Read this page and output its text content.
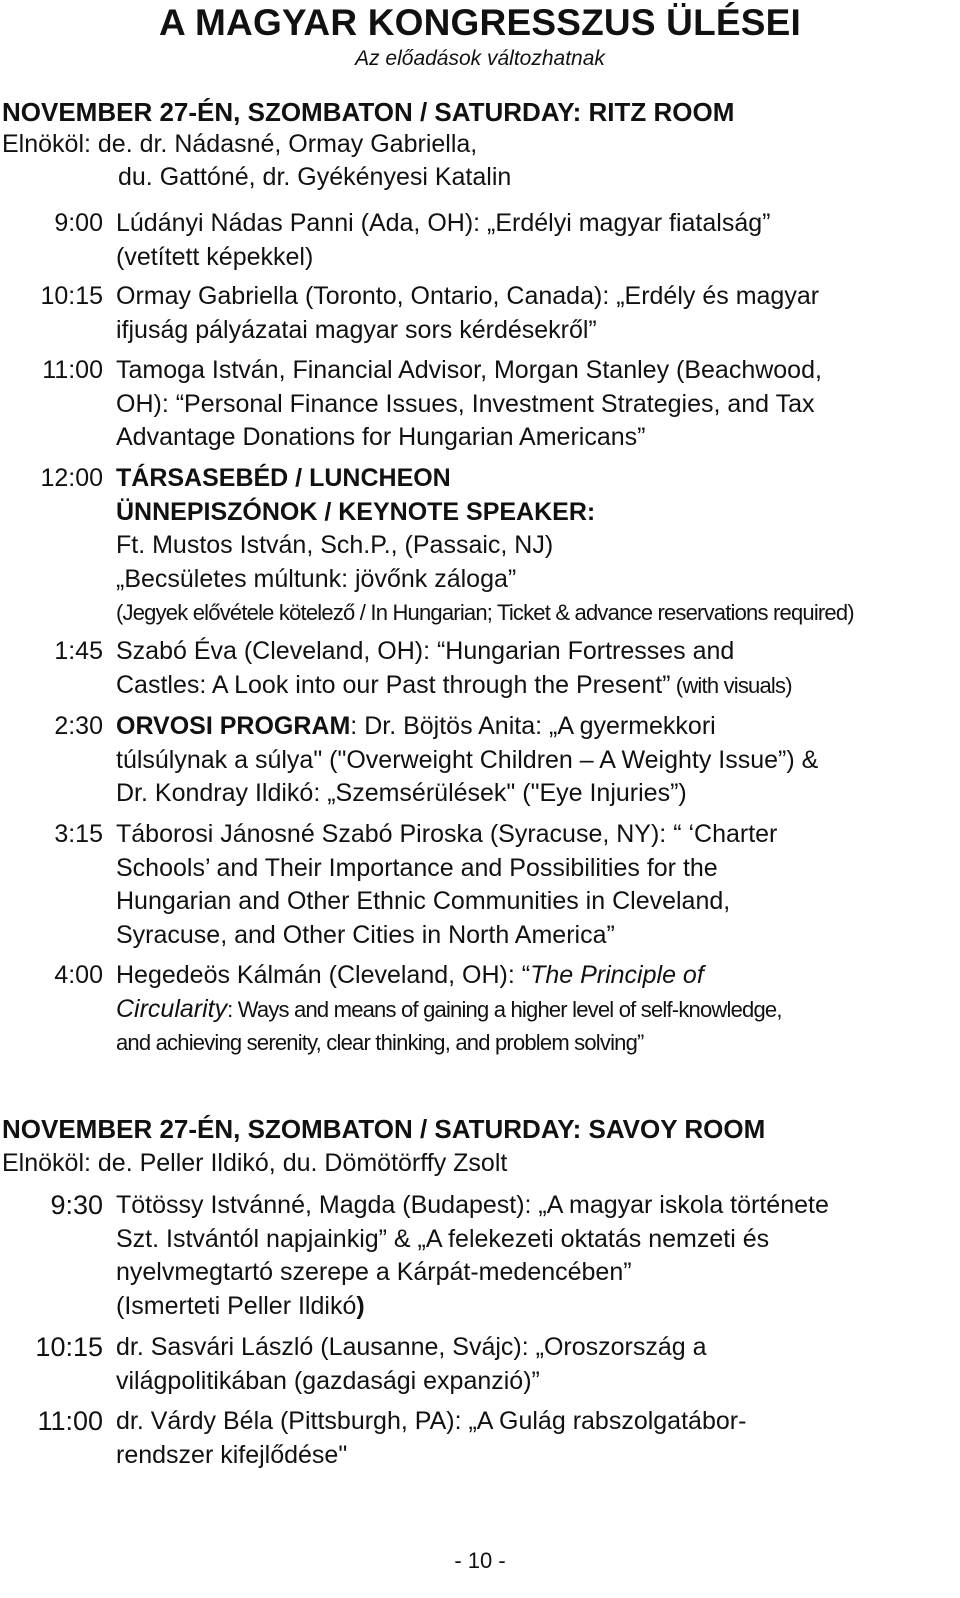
A MAGYAR KONGRESSZUS ÜLÉSEI

Az előadások változhatnak

NOVEMBER 27-ÉN, SZOMBATON / SATURDAY: RITZ ROOM

Elnököl: de. dr. Nádasné, Ormay Gabriella,
du. Gattóné, dr. Gyékényesi Katalin
9:00 Lúdányi Nádas Panni (Ada, OH): „Erdélyi magyar fiatalság”
(vetített képekkel)
10:15 Ormay Gabriella (Toronto, Ontario, Canada): „Erdély és magyar
ifjuság pályázatai magyar sors kérdésekről”
11:00 Tamoga István, Financial Advisor, Morgan Stanley (Beachwood,
OH): “Personal Finance Issues, Investment Strategies, and Tax
Advantage Donations for Hungarian Americans”
12:00 TÁRSASEBÉD / LUNCHEON
ÜNNEPISZÓNOK / KEYNOTE SPEAKER:
Ft. Mustos István, Sch.P., (Passaic, NJ)
„Becsületes múltunk: jövőnk záloga”
(Jegyek elővétele kötelező / In Hungarian; Ticket & advance reservations required)
1:45 Szabó Éva (Cleveland, OH): “Hungarian Fortresses and
Castles: A Look into our Past through the Present” (with visuals)
2:30 ORVOSI PROGRAM: Dr. Böjtös Anita: „A gyermekkori
túlsúlynak a súlya" ("Overweight Children – A Weighty Issue”) &
Dr. Kondray Ildikó: „Szemsérülések" ("Eye Injuries”)
3:15 Táborosi Jánosné Szabó Piroska (Syracuse, NY): “ ‘Charter
Schools’ and Their Importance and Possibilities for the
Hungarian and Other Ethnic Communities in Cleveland,
Syracuse, and Other Cities in North America”
4:00 Hegedeös Kálmán (Cleveland, OH): “The Principle of
Circularity: Ways and means of gaining a higher level of self-knowledge,
and achieving serenity, clear thinking, and problem solving”

NOVEMBER 27-ÉN, SZOMBATON / SATURDAY: SAVOY ROOM

Elnököl: de. Peller Ildikó, du. Dömötörffy Zsolt
9:30 Tötössy Istvánné, Magda (Budapest): „A magyar iskola története
Szt. Istvántól napjainkig” & „A felekezeti oktatás nemzeti és
nyelvmegtartó szerepe a Kárpát-medencében”
(Ismerteti Peller Ildikó)
10:15 dr. Sasvári László (Lausanne, Svájc): „Oroszország a
világpolitikában (gazdasági expanzió)”
11:00 dr. Várdy Béla (Pittsburgh, PA): „A Gulág rabszolgatábor-
rendszer kifejlődése"
- 10 -
